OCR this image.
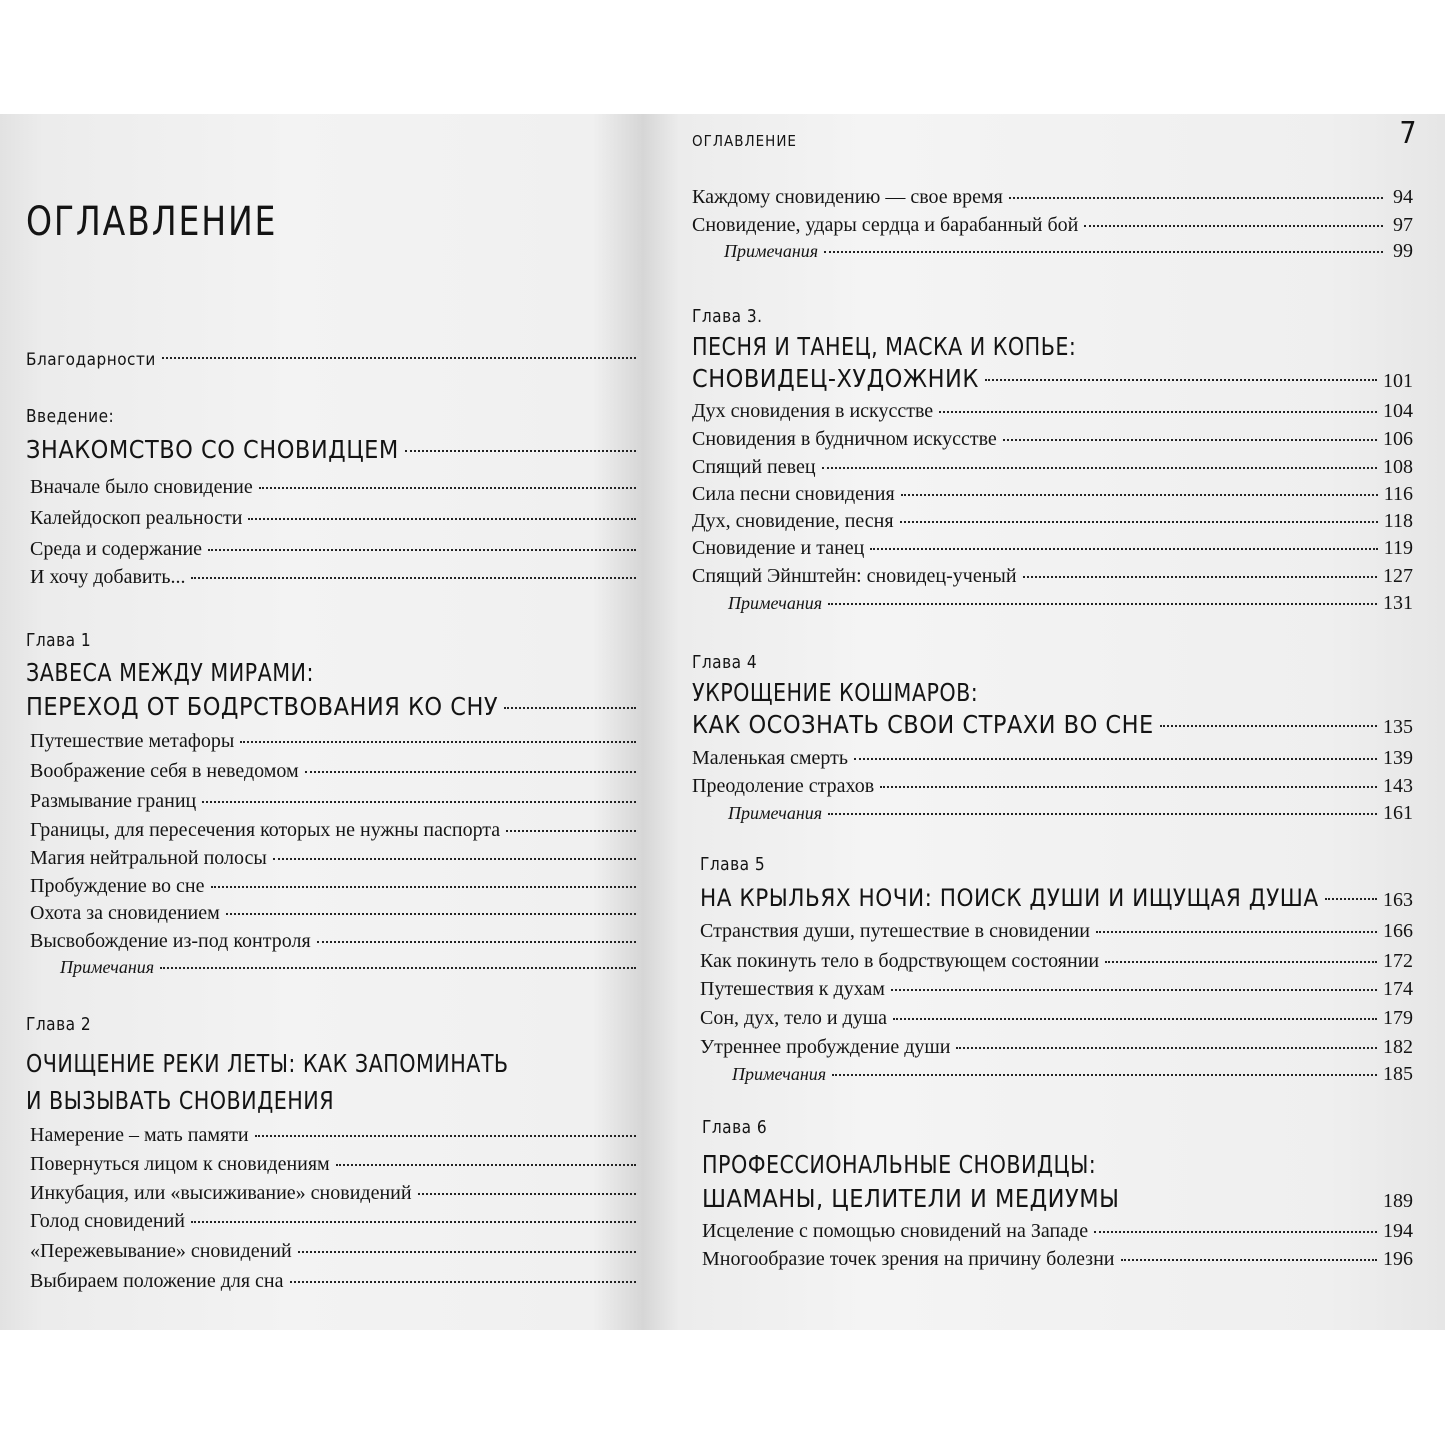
ОГЛАВЛЕНИЕ
Благодарности
Введение:
ЗНАКОМСТВО СО СНОВИДЦЕМ
Вначале было сновидение
Калейдоскоп реальности
Среда и содержание
И хочу добавить...
Глава 1
ЗАВЕСА МЕЖДУ МИРАМИ:
ПЕРЕХОД ОТ БОДРСТВОВАНИЯ КО СНУ
Путешествие метафоры
Воображение себя в неведомом
Размывание границ
Границы, для пересечения которых не нужны паспорта
Магия нейтральной полосы
Пробуждение во сне
Охота за сновидением
Высвобождение из-под контроля
Примечания
Глава 2
ОЧИЩЕНИЕ РЕКИ ЛЕТЫ: КАК ЗАПОМИНАТЬ
И ВЫЗЫВАТЬ СНОВИДЕНИЯ
Намерение – мать памяти
Повернуться лицом к сновидениям
Инкубация, или «высиживание» сновидений
Голод сновидений
«Пережевывание» сновидений
Выбираем положение для сна
ОГЛАВЛЕНИЕ	7
Каждому сновидению — свое время	94
Сновидение, удары сердца и барабанный бой	97
Примечания	99
Глава 3.
ПЕСНЯ И ТАНЕЦ, МАСКА И КОПЬЕ:
СНОВИДЕЦ-ХУДОЖНИК	101
Дух сновидения в искусстве	104
Сновидения в будничном искусстве	106
Спящий певец	108
Сила песни сновидения	116
Дух, сновидение, песня	118
Сновидение и танец	119
Спящий Эйнштейн: сновидец-ученый	127
Примечания	131
Глава 4
УКРОЩЕНИЕ КОШМАРОВ:
КАК ОСОЗНАТЬ СВОИ СТРАХИ ВО СНЕ	135
Маленькая смерть	139
Преодоление страхов	143
Примечания	161
Глава 5
НА КРЫЛЬЯХ НОЧИ: ПОИСК ДУШИ И ИЩУЩАЯ ДУША	163
Странствия души, путешествие в сновидении	166
Как покинуть тело в бодрствующем состоянии	172
Путешествия к духам	174
Сон, дух, тело и душа	179
Утреннее пробуждение души	182
Примечания	185
Глава 6
ПРОФЕССИОНАЛЬНЫЕ СНОВИДЦЫ:
ШАМАНЫ, ЦЕЛИТЕЛИ И МЕДИУМЫ	189
Исцеление с помощью сновидений на Западе	194
Многообразие точек зрения на причину болезни	196
